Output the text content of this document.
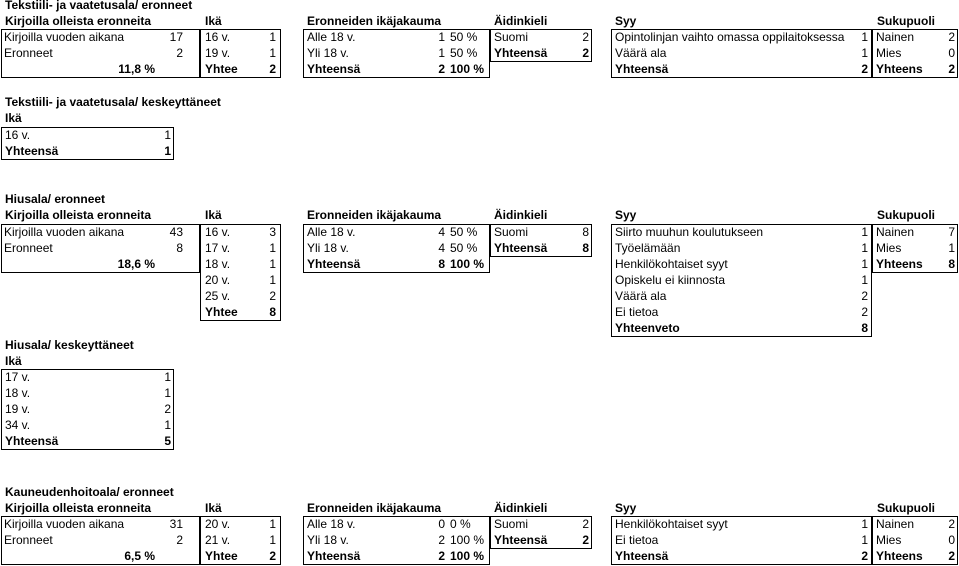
Tekstiili- ja vaatetusala/ eronneet
Kirjoilla olleista eronneita	Ikä	Eronneiden ikäjakauma	Äidinkieli	Syy	Sukupuoli
Kirjoilla vuoden aikana	17
Eronneet	2
11,8 %
16 v.	1
19 v.	1
Yhtee	2
Alle 18 v.	1 50 %
Yli 18 v.	1 50 %
Yhteensä	2 100 %
Suomi	2
Yhteensä	2
Opintolinjan vaihto omassa oppilaitoksessa	1
Väärä ala	1
Yhteensä	2
Nainen	2
Mies	0
Yhteens	2
Tekstiili- ja vaatetusala/ keskeyttäneet
Ikä
16 v.	1
Yhteensä	1
Hiusala/ eronneet
Kirjoilla olleista eronneita	Ikä	Eronneiden ikäjakauma	Äidinkieli	Syy	Sukupuoli
Kirjoilla vuoden aikana	43
Eronneet	8
18,6 %
16 v.	3
17 v.	1
18 v.	1
20 v.	1
25 v.	2
Yhtee	8
Alle 18 v.	4 50 %
Yli 18 v.	4 50 %
Yhteensä	8 100 %
Suomi	8
Yhteensä	8
Siirto muuhun koulutukseen	1
Työelämään	1
Henkilökohtaiset syyt	1
Opiskelu ei kiinnosta	1
Väärä ala	2
Ei tietoa	2
Yhteenveto	8
Nainen	7
Mies	1
Yhteens	8
Hiusala/ keskeyttäneet
Ikä
17 v.	1
18 v.	1
19 v.	2
34 v.	1
Yhteensä	5
Kauneudenhoitoala/ eronneet
Kirjoilla olleista eronneita	Ikä	Eronneiden ikäjakauma	Äidinkieli	Syy	Sukupuoli
Kirjoilla vuoden aikana	31
Eronneet	2
6,5 %
20 v.	1
21 v.	1
Yhtee	2
Alle 18 v.	0 0 %
Yli 18 v.	2 100 %
Yhteensä	2 100 %
Suomi	2
Yhteensä	2
Henkilökohtaiset syyt	1
Ei tietoa	1
Yhteensä	2
Nainen	2
Mies	0
Yhteens	2
